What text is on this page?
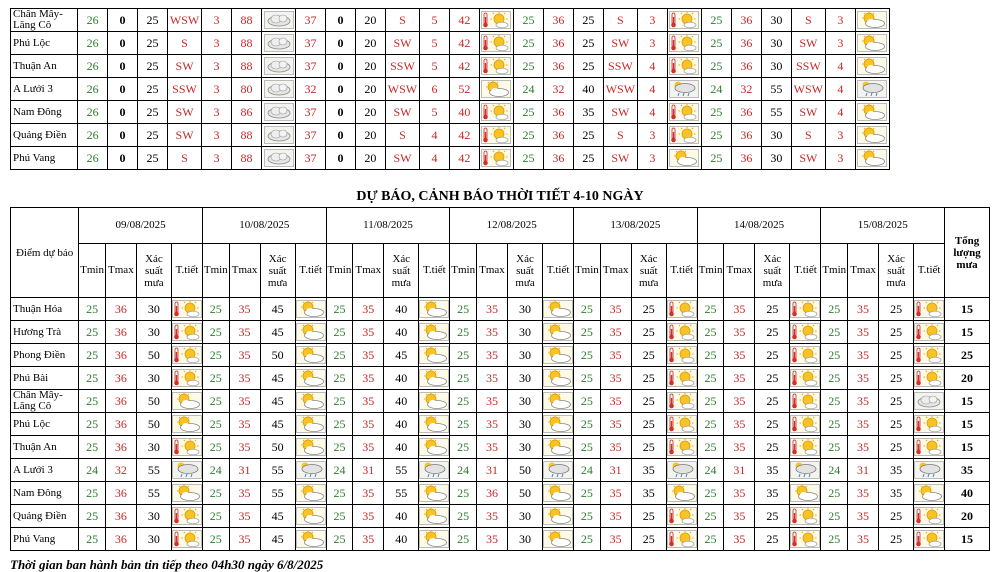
Chân Mây-Lăng Cô	26	0	25	WSW	3	88		37	0	20	S	5	42		25	36	25	S	3		25	36	30	S	3	
Phú Lộc	26	0	25	S	3	88		37	0	20	SW	5	42		25	36	25	SW	3		25	36	30	SW	3	
Thuận An	26	0	25	SW	3	88		37	0	20	SSW	5	42		25	36	25	SSW	4		25	36	30	SSW	4	
A Lưới 3	26	0	25	SSW	3	80		32	0	20	WSW	6	52		24	32	40	WSW	4		24	32	55	WSW	4	
Nam Đông	26	0	25	SW	3	86		37	0	20	SW	5	40		25	36	35	SW	4		25	36	55	SW	4	
Quảng Điền	26	0	25	SW	3	88		37	0	20	S	4	42		25	36	25	S	3		25	36	30	S	3	
Phú Vang	26	0	25	S	3	88		37	0	20	SW	4	42		25	36	25	SW	3		25	36	30	SW	3	
DỰ BÁO, CẢNH BÁO THỜI TIẾT 4-10 NGÀY
Điểm dự báo	09/08/2025				10/08/2025				11/08/2025				12/08/2025				13/08/2025				14/08/2025				15/08/2025				Tổng lượng mưa
	Tmin	Tmax	Xác suất mưa	T.tiết	Tmin	Tmax	Xác suất mưa	T.tiết	Tmin	Tmax	Xác suất mưa	T.tiết	Tmin	Tmax	Xác suất mưa	T.tiết	Tmin	Tmax	Xác suất mưa	T.tiết	Tmin	Tmax	Xác suất mưa	T.tiết	Tmin	Tmax	Xác suất mưa	T.tiết	
Thuận Hóa	25	36	30		25	35	45		25	35	40		25	35	30		25	35	25		25	35	25		25	35	25		15
Hương Trà	25	36	30		25	35	45		25	35	40		25	35	30		25	35	25		25	35	25		25	35	25		15
Phong Điền	25	36	50		25	35	50		25	35	45		25	35	30		25	35	25		25	35	25		25	35	25		25
Phú Bài	25	36	30		25	35	45		25	35	40		25	35	30		25	35	25		25	35	25		25	35	25		20
Chân Mây-Lăng Cô	25	36	50		25	35	45		25	35	40		25	35	30		25	35	25		25	35	25		25	35	25		15
Phú Lộc	25	36	50		25	35	45		25	35	40		25	35	30		25	35	25		25	35	25		25	35	25		15
Thuận An	25	36	30		25	35	50		25	35	40		25	35	30		25	35	25		25	35	25		25	35	25		15
A Lưới 3	24	32	55		24	31	55		24	31	55		24	31	50		24	31	35		24	31	35		24	31	35		35
Nam Đông	25	36	55		25	35	55		25	35	55		25	36	50		25	35	35		25	35	35		25	35	35		40
Quảng Điền	25	36	30		25	35	45		25	35	40		25	35	30		25	35	25		25	35	25		25	35	25		20
Phú Vang	25	36	30		25	35	45		25	35	40		25	35	30		25	35	25		25	35	25		25	35	25		15
Thời gian ban hành bản tin tiếp theo 04h30 ngày 6/8/2025
